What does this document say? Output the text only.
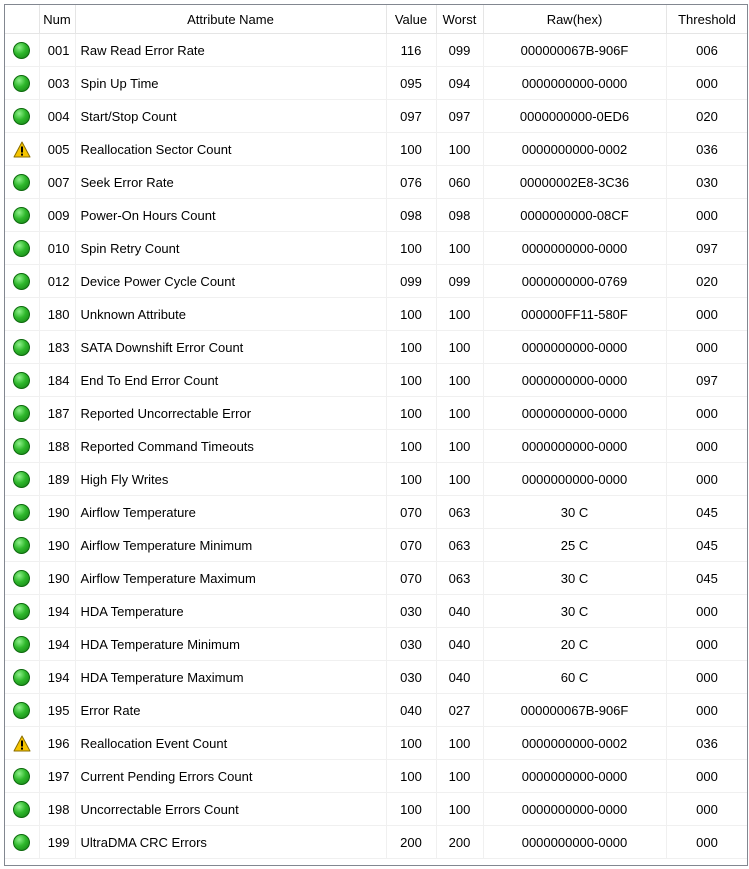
	Num	Attribute Name	Value	Worst	Raw(hex)	Threshold
	001	Raw Read Error Rate	116	099	000000067B-906F	006
	003	Spin Up Time	095	094	0000000000-0000	000
	004	Start/Stop Count	097	097	0000000000-0ED6	020
	005	Reallocation Sector Count	100	100	0000000000-0002	036
	007	Seek Error Rate	076	060	00000002E8-3C36	030
	009	Power-On Hours Count	098	098	0000000000-08CF	000
	010	Spin Retry Count	100	100	0000000000-0000	097
	012	Device Power Cycle Count	099	099	0000000000-0769	020
	180	Unknown Attribute	100	100	000000FF11-580F	000
	183	SATA Downshift Error Count	100	100	0000000000-0000	000
	184	End To End Error Count	100	100	0000000000-0000	097
	187	Reported Uncorrectable Error	100	100	0000000000-0000	000
	188	Reported Command Timeouts	100	100	0000000000-0000	000
	189	High Fly Writes	100	100	0000000000-0000	000
	190	Airflow Temperature	070	063	30 C	045
	190	Airflow Temperature Minimum	070	063	25 C	045
	190	Airflow Temperature Maximum	070	063	30 C	045
	194	HDA Temperature	030	040	30 C	000
	194	HDA Temperature Minimum	030	040	20 C	000
	194	HDA Temperature Maximum	030	040	60 C	000
	195	Error Rate	040	027	000000067B-906F	000
	196	Reallocation Event Count	100	100	0000000000-0002	036
	197	Current Pending Errors Count	100	100	0000000000-0000	000
	198	Uncorrectable Errors Count	100	100	0000000000-0000	000
	199	UltraDMA CRC Errors	200	200	0000000000-0000	000
